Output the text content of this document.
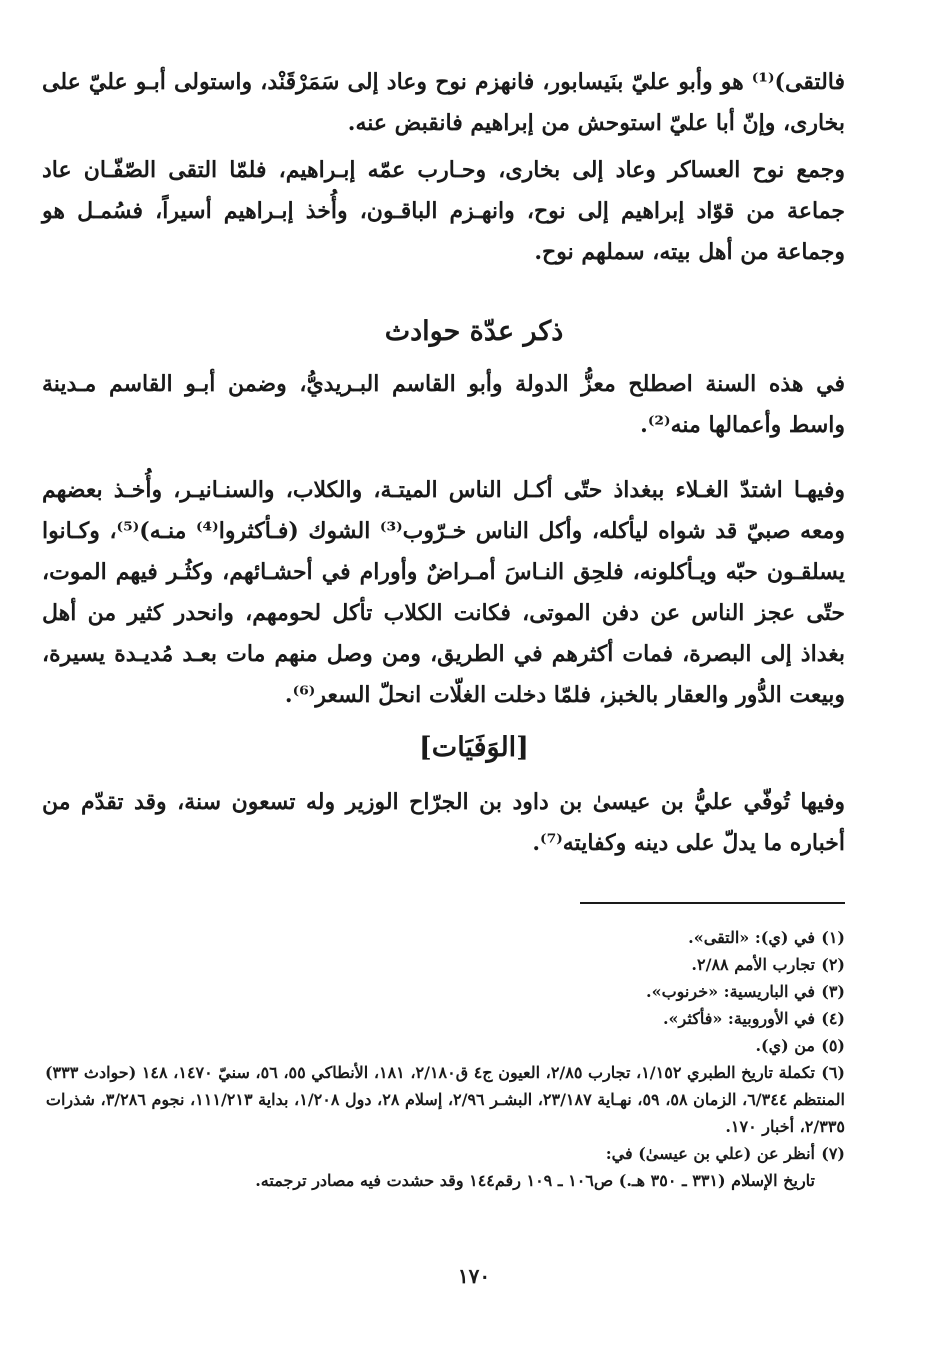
فالتقى)⁽¹⁾ هو وأبو عليّ بنَيسابور، فانهزم نوح وعاد إلى سَمَرْقَنْد، واستولى أبـو عليّ على بخارى، وإنّ أبا عليّ استوحش من إبراهيم فانقبض عنه.

وجمع نوح العساكر وعاد إلى بخارى، وحـارب عمّه إبـراهيم، فلمّا التقى الصّفّـان عاد جماعة من قوّاد إبراهيم إلى نوح، وانهـزم الباقـون، وأُخذ إبـراهيم أسيراً، فسُمـل هو وجماعة من أهل بيته، سملهم نوح.

ذكر عدّة حوادث

في هذه السنة اصطلح معزُّ الدولة وأبو القاسم البـريديُّ، وضمن أبـو القاسم مـدينة واسط وأعمالها منه⁽²⁾.

وفيهـا اشتدّ الغـلاء ببغداذ حتّى أكـل الناس الميتـة، والكلاب، والسنـانيـر، وأُخـذ بعضهم ومعه صبيّ قد شواه ليأكله، وأكل الناس خـرّوب⁽³⁾ الشوك (فـأكثروا⁽⁴⁾ منـه)⁽⁵⁾، وكـانوا يسلقـون حبّه ويـأكلونه، فلحِق النـاسَ أمـراضٌ وأورام في أحشـائهم، وكثُـر فيهم الموت، حتّى عجز الناس عن دفن الموتى، فكانت الكلاب تأكل لحومهم، وانحدر كثير من أهل بغداذ إلى البصرة، فمات أكثرهم في الطريق، ومن وصل منهم مات بعـد مُديـدة يسيرة، وبيعت الدُّور والعقار بالخبز، فلمّا دخلت الغلّات انحلّ السعر⁽⁶⁾.

[الوَفَيَات]

وفيها تُوفّي عليُّ بن عيسىٰ بن داود بن الجرّاح الوزير وله تسعون سنة، وقد تقدّم من أخباره ما يدلّ على دينه وكفايته⁽⁷⁾.

(١)في (ي): «التقى».
(٢)تجارب الأمم ٢/٨٨.
(٣)في الباريسية: «خرنوب».
(٤)في الأوروبية: «فأكثر».
(٥)من (ي).
(٦)تكملة تاريخ الطبري ١/١٥٢، تجارب ٢/٨٥، العيون ج٤ ق٢/١٨٠، ١٨١، الأنطاكي ٥٥، ٥٦، سنيّ ١٤٧٠، ١٤٨ (حوادث ٣٣٣) المنتظم ٦/٣٤٤، الزمان ٥٨، ٥٩، نهـاية ٢٣/١٨٧، البشـر ٢/٩٦، إسلام ٢٨، دول ١/٢٠٨، بداية ١١١/٢١٣، نجوم ٣/٢٨٦، شذرات ٢/٣٣٥، أخبار ١٧٠.
(٧)أنظر عن (علي بن عيسىٰ) في:
تاريخ الإسلام (٣٣١ ـ ٣٥٠ هـ.) ص١٠٦ ـ ١٠٩ رقم١٤٤ وقد حشدت فيه مصادر ترجمته.
١٧٠
